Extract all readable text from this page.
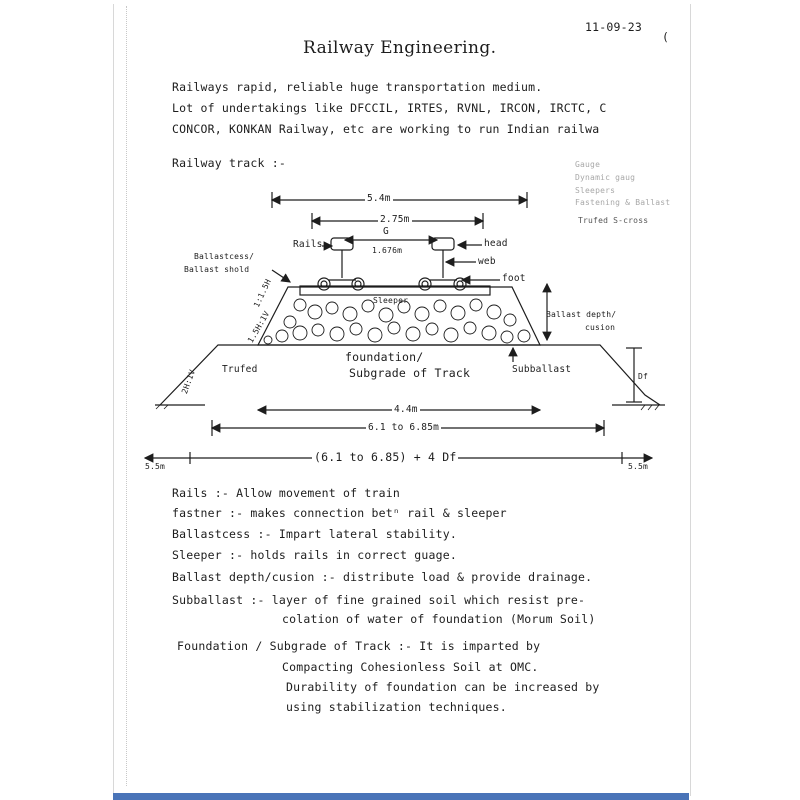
11-09-23
(
Railway Engineering.
Railways rapid, reliable huge transportation medium.
Lot of undertakings like DFCCIL, IRTES, RVNL, IRCON, IRCTC, C
CONCOR, KONKAN Railway, etc are working to run Indian railwa
Railway track :-	Gauge
Dynamic gaug
Sleepers
Fastening & Ballast
Trufed S-cross
5.4m
2.75m
G
1.676m
Rails	head
web
foot
Ballastcess/
Ballast shold
Sleeper
Ballast depth/
cusion
1:1.5H
1.5H:1V
2H:1V	Trufed
foundation/
Subgrade of Track	Subballast
Df
4.4m
6.1 to 6.85m
(6.1 to 6.85) + 4 Df
5.5m	5.5m
Rails :- Allow movement of train
fastner :- makes connection betⁿ rail & sleeper
Ballastcess :- Impart lateral stability.
Sleeper :- holds rails in correct guage.
Ballast depth/cusion :- distribute load & provide drainage.
Subballast :- layer of fine grained soil which resist pre-
colation of water of foundation (Morum Soil)
Foundation / Subgrade of Track :- It is imparted by
Compacting Cohesionless Soil at OMC.
Durability of foundation can be increased by
using stabilization techniques.
